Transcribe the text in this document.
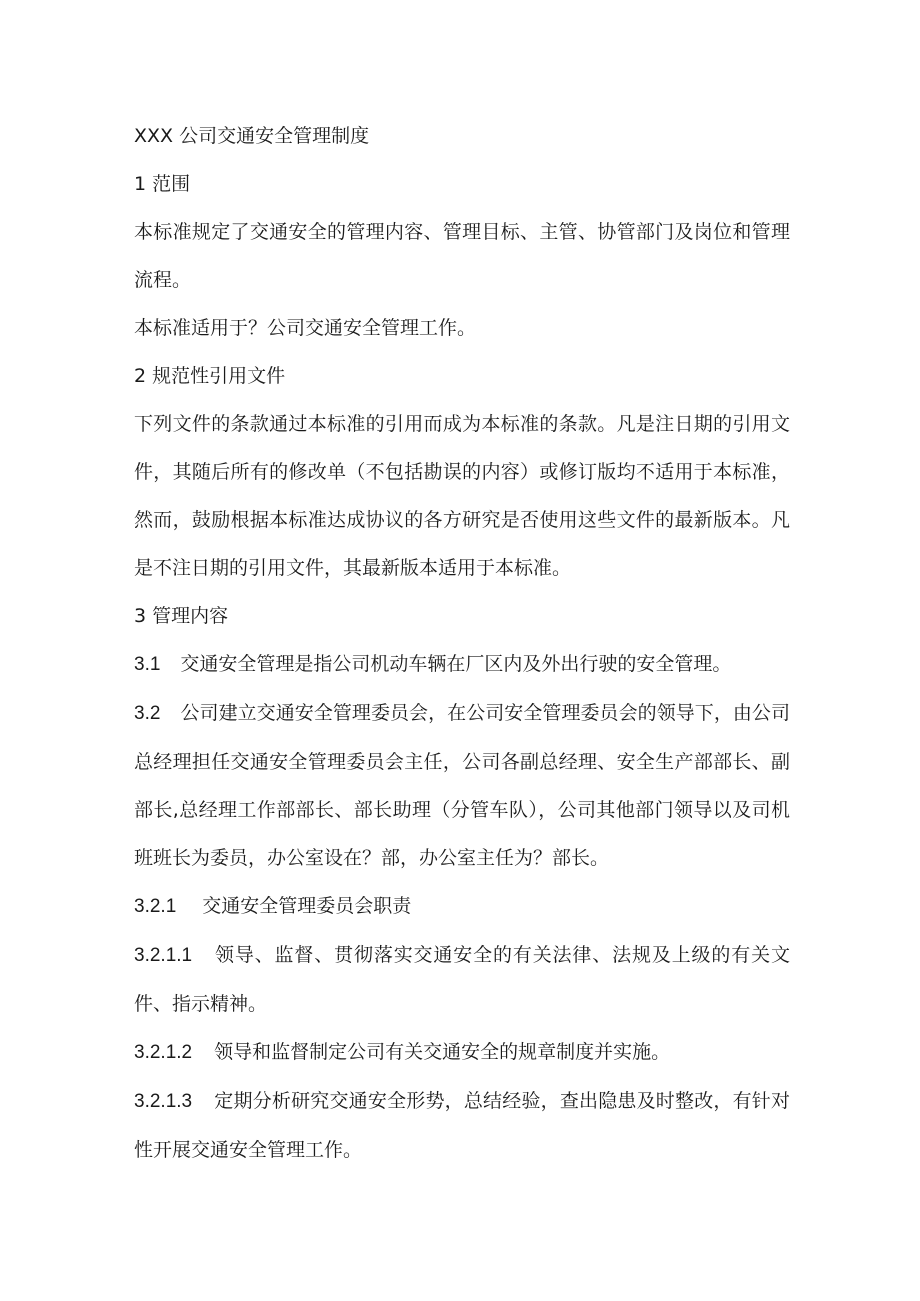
XXX 公司交通安全管理制度

1 范围

本标准规定了交通安全的管理内容、管理目标、主管、协管部门及岗位和管理流程。

本标准适用于？公司交通安全管理工作。

2 规范性引用文件

下列文件的条款通过本标准的引用而成为本标准的条款。凡是注日期的引用文件，其随后所有的修改单（不包括勘误的内容）或修订版均不适用于本标准，然而，鼓励根据本标准达成协议的各方研究是否使用这些文件的最新版本。凡是不注日期的引用文件，其最新版本适用于本标准。

3 管理内容

3.1 交通安全管理是指公司机动车辆在厂区内及外出行驶的安全管理。

3.2 公司建立交通安全管理委员会，在公司安全管理委员会的领导下，由公司总经理担任交通安全管理委员会主任，公司各副总经理、安全生产部部长、副部长,总经理工作部部长、部长助理（分管车队），公司其他部门领导以及司机班班长为委员，办公室设在？部，办公室主任为？部长。

3.2.1 交通安全管理委员会职责

3.2.1.1 领导、监督、贯彻落实交通安全的有关法律、法规及上级的有关文件、指示精神。

3.2.1.2 领导和监督制定公司有关交通安全的规章制度并实施。

3.2.1.3 定期分析研究交通安全形势，总结经验，查出隐患及时整改，有针对性开展交通安全管理工作。
